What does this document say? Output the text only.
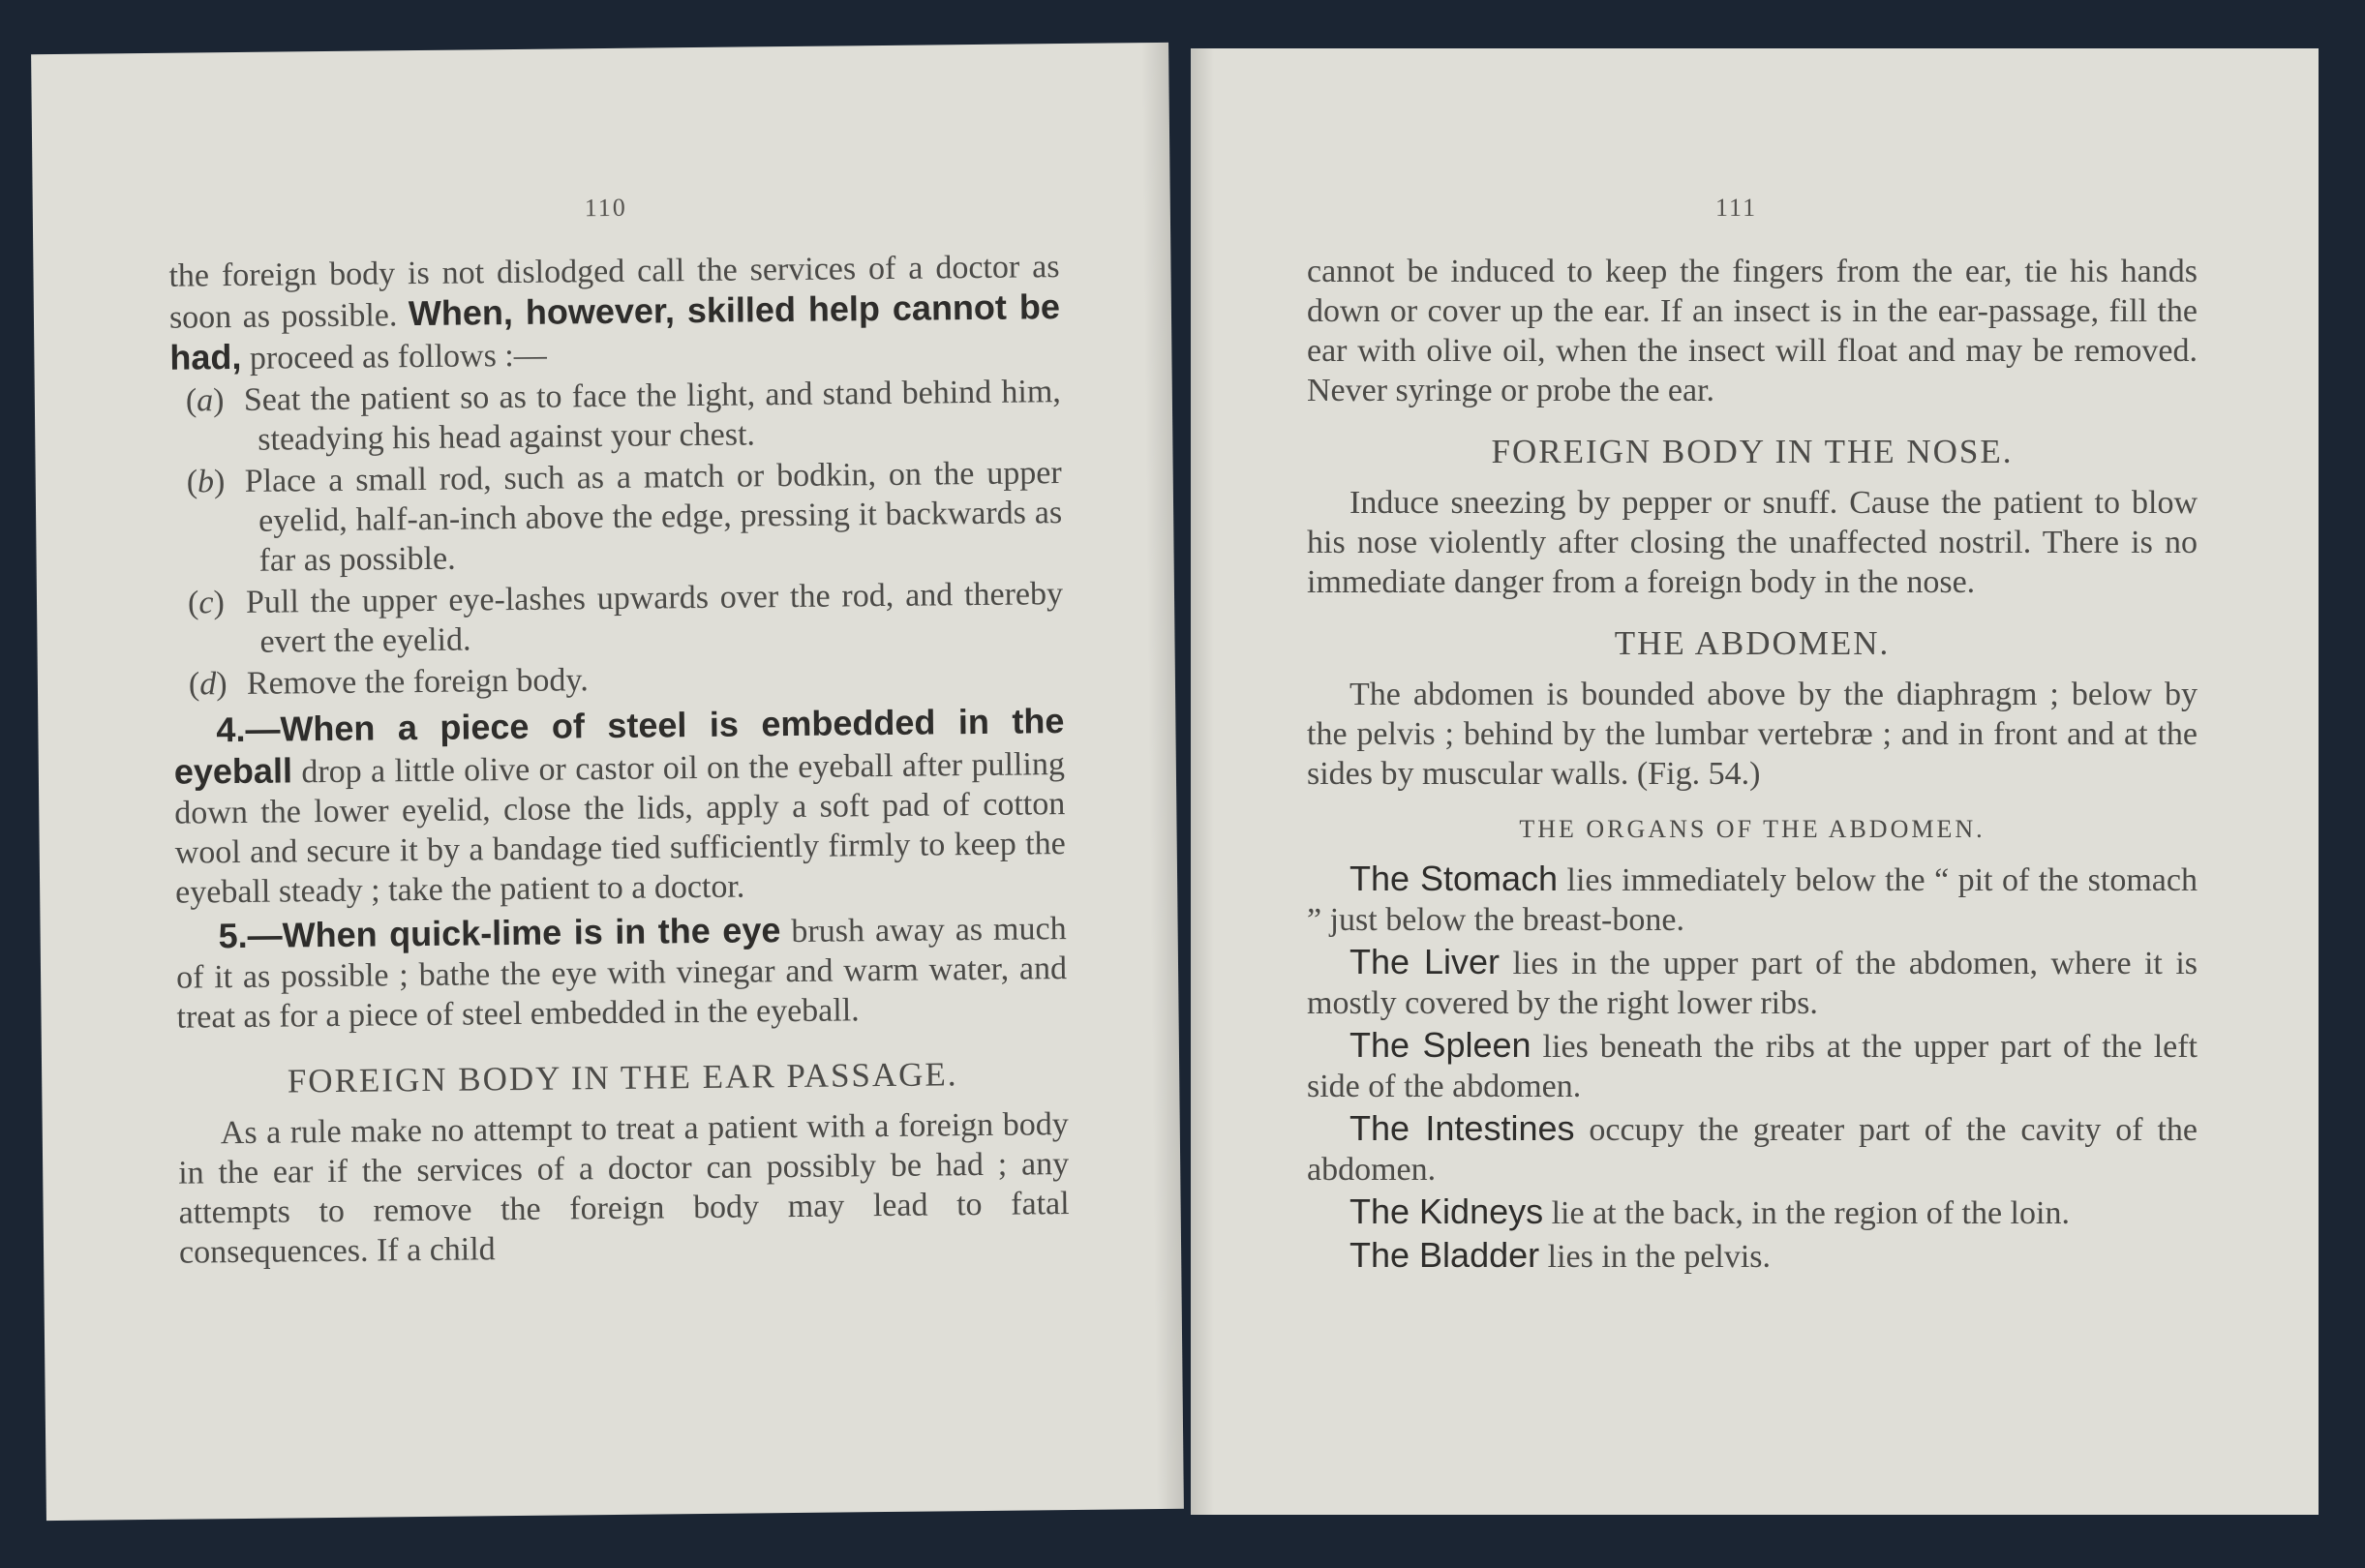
110

the foreign body is not dislodged call the services of a doctor as soon as possible. When, however, skilled help cannot be had, proceed as follows :—

(a) Seat the patient so as to face the light, and stand behind him, steadying his head against your chest.

(b) Place a small rod, such as a match or bodkin, on the upper eyelid, half-an-inch above the edge, pressing it backwards as far as possible.

(c) Pull the upper eye-lashes upwards over the rod, and thereby evert the eyelid.

(d) Remove the foreign body.

4.—When a piece of steel is embedded in the eyeball drop a little olive or castor oil on the eyeball after pulling down the lower eyelid, close the lids, apply a soft pad of cotton wool and secure it by a bandage tied sufficiently firmly to keep the eyeball steady ; take the patient to a doctor.

5.—When quick-lime is in the eye brush away as much of it as possible ; bathe the eye with vinegar and warm water, and treat as for a piece of steel embedded in the eyeball.

FOREIGN BODY IN THE EAR PASSAGE.

As a rule make no attempt to treat a patient with a foreign body in the ear if the services of a doctor can possibly be had ; any attempts to remove the foreign body may lead to fatal consequences. If a child

111

cannot be induced to keep the fingers from the ear, tie his hands down or cover up the ear. If an insect is in the ear-passage, fill the ear with olive oil, when the insect will float and may be removed. Never syringe or probe the ear.

FOREIGN BODY IN THE NOSE.

Induce sneezing by pepper or snuff. Cause the patient to blow his nose violently after closing the unaffected nostril. There is no immediate danger from a foreign body in the nose.

THE ABDOMEN.

The abdomen is bounded above by the diaphragm ; below by the pelvis ; behind by the lumbar vertebræ ; and in front and at the sides by muscular walls. (Fig. 54.)

THE ORGANS OF THE ABDOMEN.

The Stomach lies immediately below the “ pit of the stomach ” just below the breast-bone.

The Liver lies in the upper part of the abdomen, where it is mostly covered by the right lower ribs.

The Spleen lies beneath the ribs at the upper part of the left side of the abdomen.

The Intestines occupy the greater part of the cavity of the abdomen.

The Kidneys lie at the back, in the region of the loin.

The Bladder lies in the pelvis.
